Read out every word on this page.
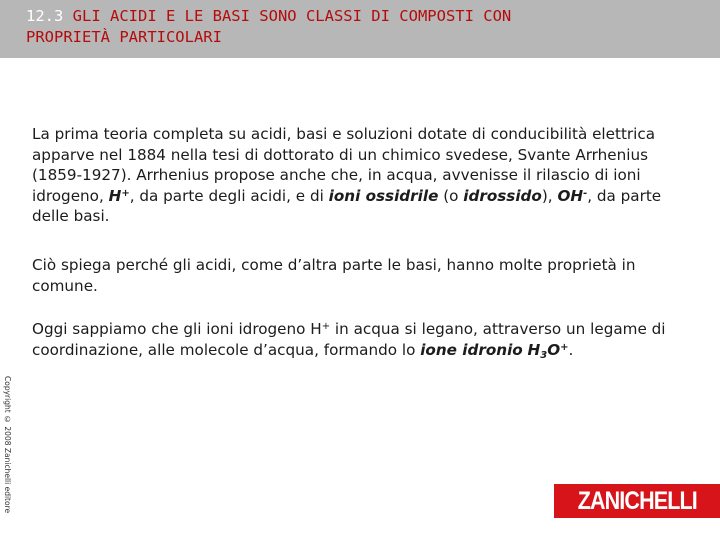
12.3 GLI ACIDI E LE BASI SONO CLASSI DI COMPOSTI CON
PROPRIETÀ PARTICOLARI

La prima teoria completa su acidi, basi e soluzioni dotate di conducibilità elettrica apparve nel 1884 nella tesi di dottorato di un chimico svedese, Svante Arrhenius (1859-1927). Arrhenius propose anche che, in acqua, avvenisse il rilascio di ioni idrogeno, H+, da parte degli acidi, e di ioni ossidrile (o idrossido), OH-, da parte delle basi.

Ciò spiega perché gli acidi, come d’altra parte le basi, hanno molte proprietà in comune.

Oggi sappiamo che gli ioni idrogeno H+ in acqua si legano, attraverso un legame di coordinazione, alle molecole d’acqua, formando lo ione idronio $H_3O^+$.

Copyright © 2008 Zanichelli editore	ZANICHELLI
